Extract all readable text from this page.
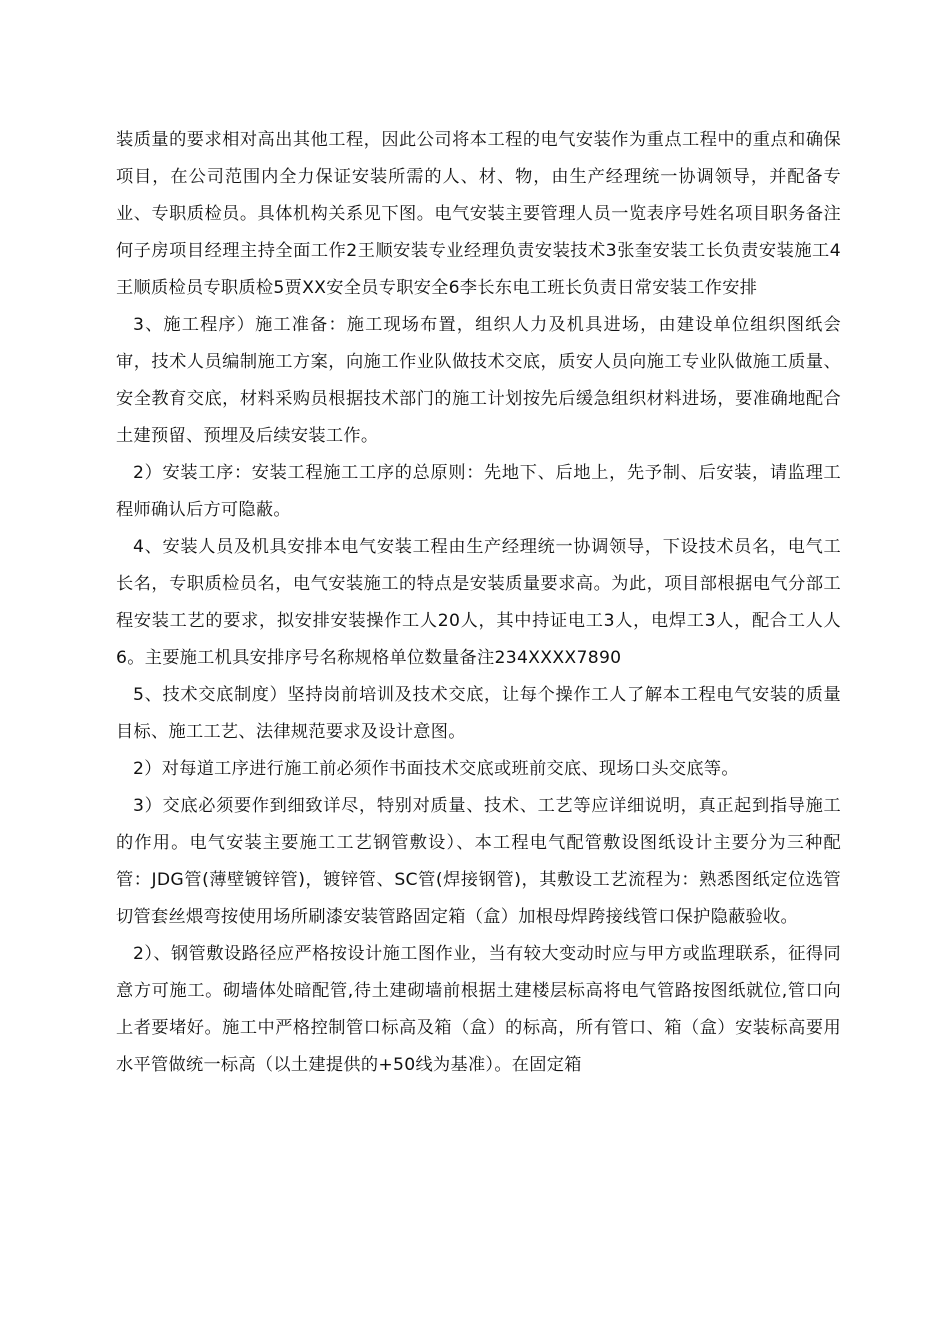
装质量的要求相对高出其他工程，因此公司将本工程的电气安装作为重点工程中的重点和确保项目，在公司范围内全力保证安装所需的人、材、物，由生产经理统一协调领导，并配备专业、专职质检员。具体机构关系见下图。电气安装主要管理人员一览表序号姓名项目职务备注何子房项目经理主持全面工作2王顺安装专业经理负责安装技术3张奎安装工长负责安装施工4王顺质检员专职质检5贾XX安全员专职安全6李长东电工班长负责日常安装工作安排

3、施工程序）施工准备：施工现场布置，组织人力及机具进场，由建设单位组织图纸会审，技术人员编制施工方案，向施工作业队做技术交底，质安人员向施工专业队做施工质量、安全教育交底，材料采购员根据技术部门的施工计划按先后缓急组织材料进场，要准确地配合土建预留、预埋及后续安装工作。

2）安装工序：安装工程施工工序的总原则：先地下、后地上，先予制、后安装，请监理工程师确认后方可隐蔽。

4、安装人员及机具安排本电气安装工程由生产经理统一协调领导，下设技术员名，电气工长名，专职质检员名，电气安装施工的特点是安装质量要求高。为此，项目部根据电气分部工程安装工艺的要求，拟安排安装操作工人20人，其中持证电工3人，电焊工3人，配合工人人6。主要施工机具安排序号名称规格单位数量备注234XXXX7890

5、技术交底制度）坚持岗前培训及技术交底，让每个操作工人了解本工程电气安装的质量目标、施工工艺、法律规范要求及设计意图。

2）对每道工序进行施工前必须作书面技术交底或班前交底、现场口头交底等。

3）交底必须要作到细致详尽，特别对质量、技术、工艺等应详细说明，真正起到指导施工的作用。电气安装主要施工工艺钢管敷设）、本工程电气配管敷设图纸设计主要分为三种配管：JDG管(薄壁镀锌管)，镀锌管、SC管(焊接钢管)，其敷设工艺流程为：熟悉图纸定位选管切管套丝煨弯按使用场所刷漆安装管路固定箱（盒）加根母焊跨接线管口保护隐蔽验收。

2）、钢管敷设路径应严格按设计施工图作业，当有较大变动时应与甲方或监理联系，征得同意方可施工。砌墙体处暗配管,待土建砌墙前根据土建楼层标高将电气管路按图纸就位,管口向上者要堵好。施工中严格控制管口标高及箱（盒）的标高，所有管口、箱（盒）安装标高要用水平管做统一标高（以土建提供的+50线为基准）。在固定箱
